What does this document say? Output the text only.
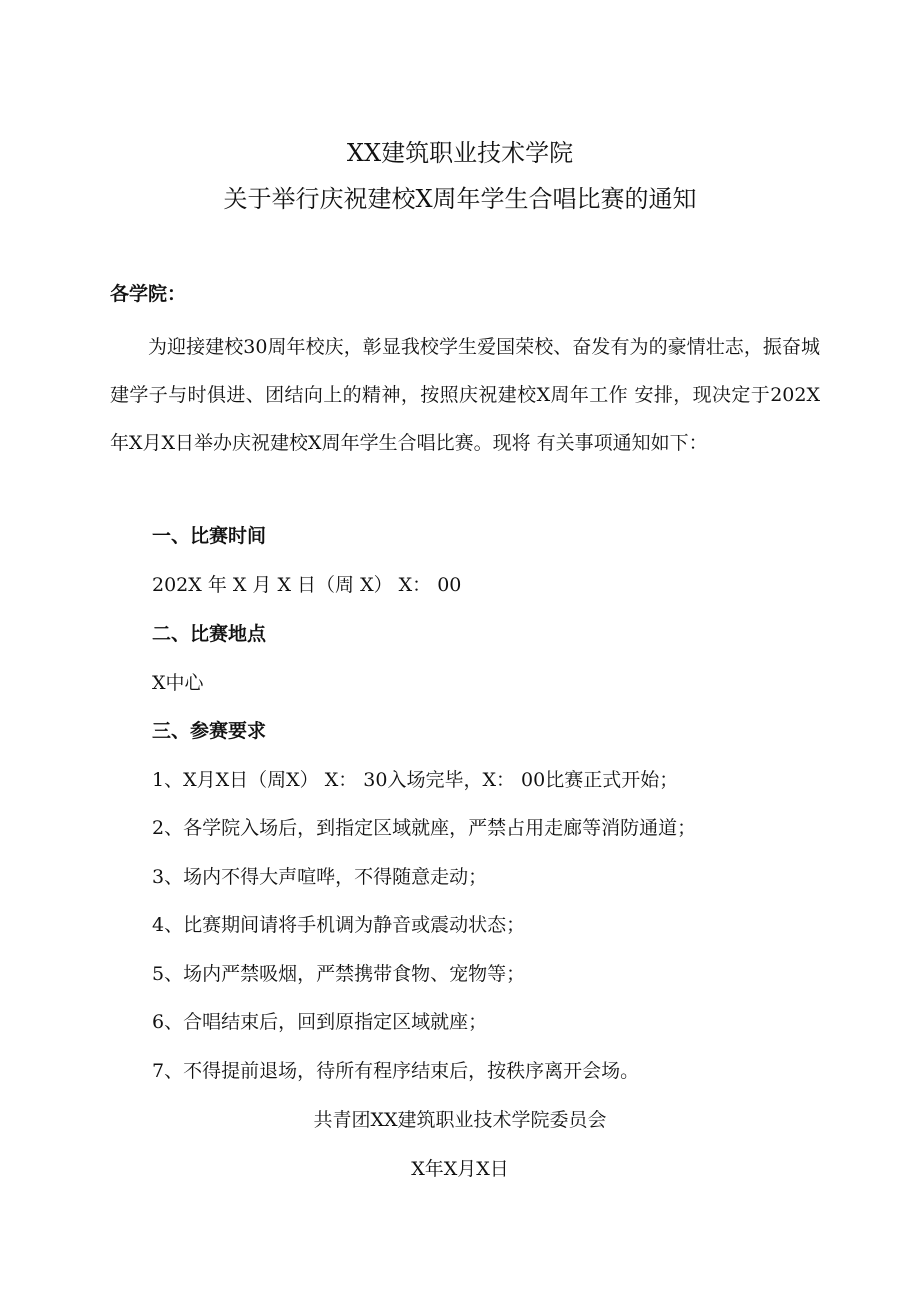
XX建筑职业技术学院
关于举行庆祝建校X周年学生合唱比赛的通知
各学院：

为迎接建校30周年校庆，彰显我校学生爱国荣校、奋发有为的豪情壮志，振奋城建学子与时俱进、团结向上的精神，按照庆祝建校X周年工作 安排，现决定于202X年X月X日举办庆祝建校X周年学生合唱比赛。现将 有关事项通知如下：

一、比赛时间
202X 年 X 月 X 日（周 X） X： 00
二、比赛地点
X中心
三、参赛要求
1、X月X日（周X） X： 30入场完毕，X： 00比赛正式开始；
2、各学院入场后，到指定区域就座，严禁占用走廊等消防通道；
3、场内不得大声喧哗，不得随意走动；
4、比赛期间请将手机调为静音或震动状态；
5、场内严禁吸烟，严禁携带食物、宠物等；
6、合唱结束后，回到原指定区域就座；
7、不得提前退场，待所有程序结束后，按秩序离开会场。
共青团XX建筑职业技术学院委员会
X年X月X日
